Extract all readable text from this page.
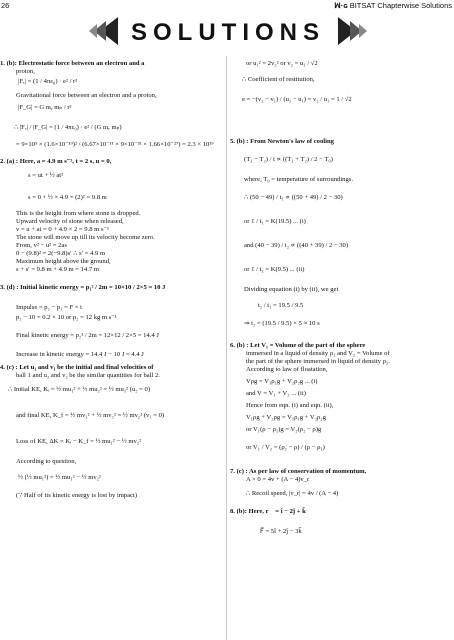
26	ꟽ·ɢ BITSAT Chapterwise Solutions
SOLUTIONS
1. (b): Electrostatic force between an electron and a
proton,
|Fₑ| = (1 / 4πε₀) · e² / r²
Gravitational force between an electron and a proton,
|F_G| = G mₑ mₚ / r²
∴ |Fₑ| / |F_G| = (1 / 4πε₀) · e² / (G mₑ mₚ)
= 9×10⁹ × (1.6×10⁻¹⁹)² / (6.67×10⁻¹¹ × 9×10⁻³¹ × 1.66×10⁻²⁷) = 2.3 × 10³⁹
2. (a) : Here, a = 4.9 m s⁻², t = 2 s, u = 0,
s = ut + ½ at²
s = 0 + ½ × 4.9 × (2)² = 9.8 m
This is the height from where stone is dropped.
Upward velocity of stone when released,
v = u + at = 0 + 4.9 × 2 = 9.8 m s⁻¹
The stone will move up till its velocity become zero.
From, v² − u² = 2as
0 − (9.8)² = 2(−9.8)s′ ∴ s′ = 4.9 m
Maximum height above the ground,
s + s′ = 9.8 m + 4.9 m = 14.7 m
3. (d) : Initial kinetic energy = p₁² / 2m = 10×10 / 2×5 = 10 J
Impulse = p₂ − p₁ = F × t
p₂ − 10 = 0.2 × 10 or p₂ = 12 kg m s⁻¹
Final kinetic energy = p₂² / 2m = 12×12 / 2×5 = 14.4 J
Increase in kinetic energy = 14.4 J − 10 J = 4.4 J
4. (c) : Let u₁ and v₁ be the initial and final velocities of
ball 1 and u₂ and v₂ be the similar quantities for ball 2.
∴ Initial KE, Kᵢ = ½ mu₁² + ½ mu₂² = ½ mu₁² (u₂ = 0)
and final KE, K_f = ½ mv₁² + ½ mv₂² = ½ mv₂² (v₁ = 0)
Loss of KE, ΔK = Kᵢ − K_f = ½ mu₁² − ½ mv₂²
According to question,
½ (½ mu₁²) = ½ mu₁² − ½ mv₂²
(∵ Half of its kinetic energy is lost by impact)
or u₁² = 2v₂² or v₂ = u₁ / √2
∴ Coefficient of restitution,
e = −(v₂ − v₁) / (u₂ − u₁) = v₂ / u₁ = 1 / √2
5. (b) : From Newton's law of cooling
(T₁ − T₂) / t ∝ ((T₁ + T₂) / 2 − T₀)
where, T₀ = temperature of surroundings.
∴ (50 − 49) / t₁ ∝ ((50 + 49) / 2 − 30)
or 1 / t₁ = K(19.5) ... (i)
and (40 − 39) / t₂ ∝ ((40 + 39) / 2 − 30)
or 1 / t₂ = K(9.5) ... (ii)
Dividing equation (i) by (ii), we get
t₂ / t₁ = 19.5 / 9.5
⇒ t₂ = (19.5 / 9.5) × 5 ≈ 10 s
6. (b) : Let V₁ = Volume of the part of the sphere
immersed in a liquid of density ρ₁ and V₂ = Volume of
the part of the sphere immersed in liquid of density ρ₂.
According to law of floatation,
Vρg = V₁ρ₁g + V₂ρ₂g ... (i)
and V = V₁ + V₂ ... (ii)
Hence from eqn. (i) and eqn. (ii),
V₁ρg + V₂ρg = V₁ρ₁g + V₂ρ₂g
or V₁(ρ − ρ₁)g = V₂(ρ₂ − ρ)g
or V₁ / V₂ = (ρ₂ − ρ) / (ρ − ρ₁)
7. (c) : As per law of conservation of momentum,
A × 0 = 4v + (A − 4)v_r
∴ Recoil speed, |v_r| = 4v / (A − 4)
8. (b): Here, r⃗ = î − 2ĵ + k̂
F⃗ = 5î + 2ĵ − 3k̂
